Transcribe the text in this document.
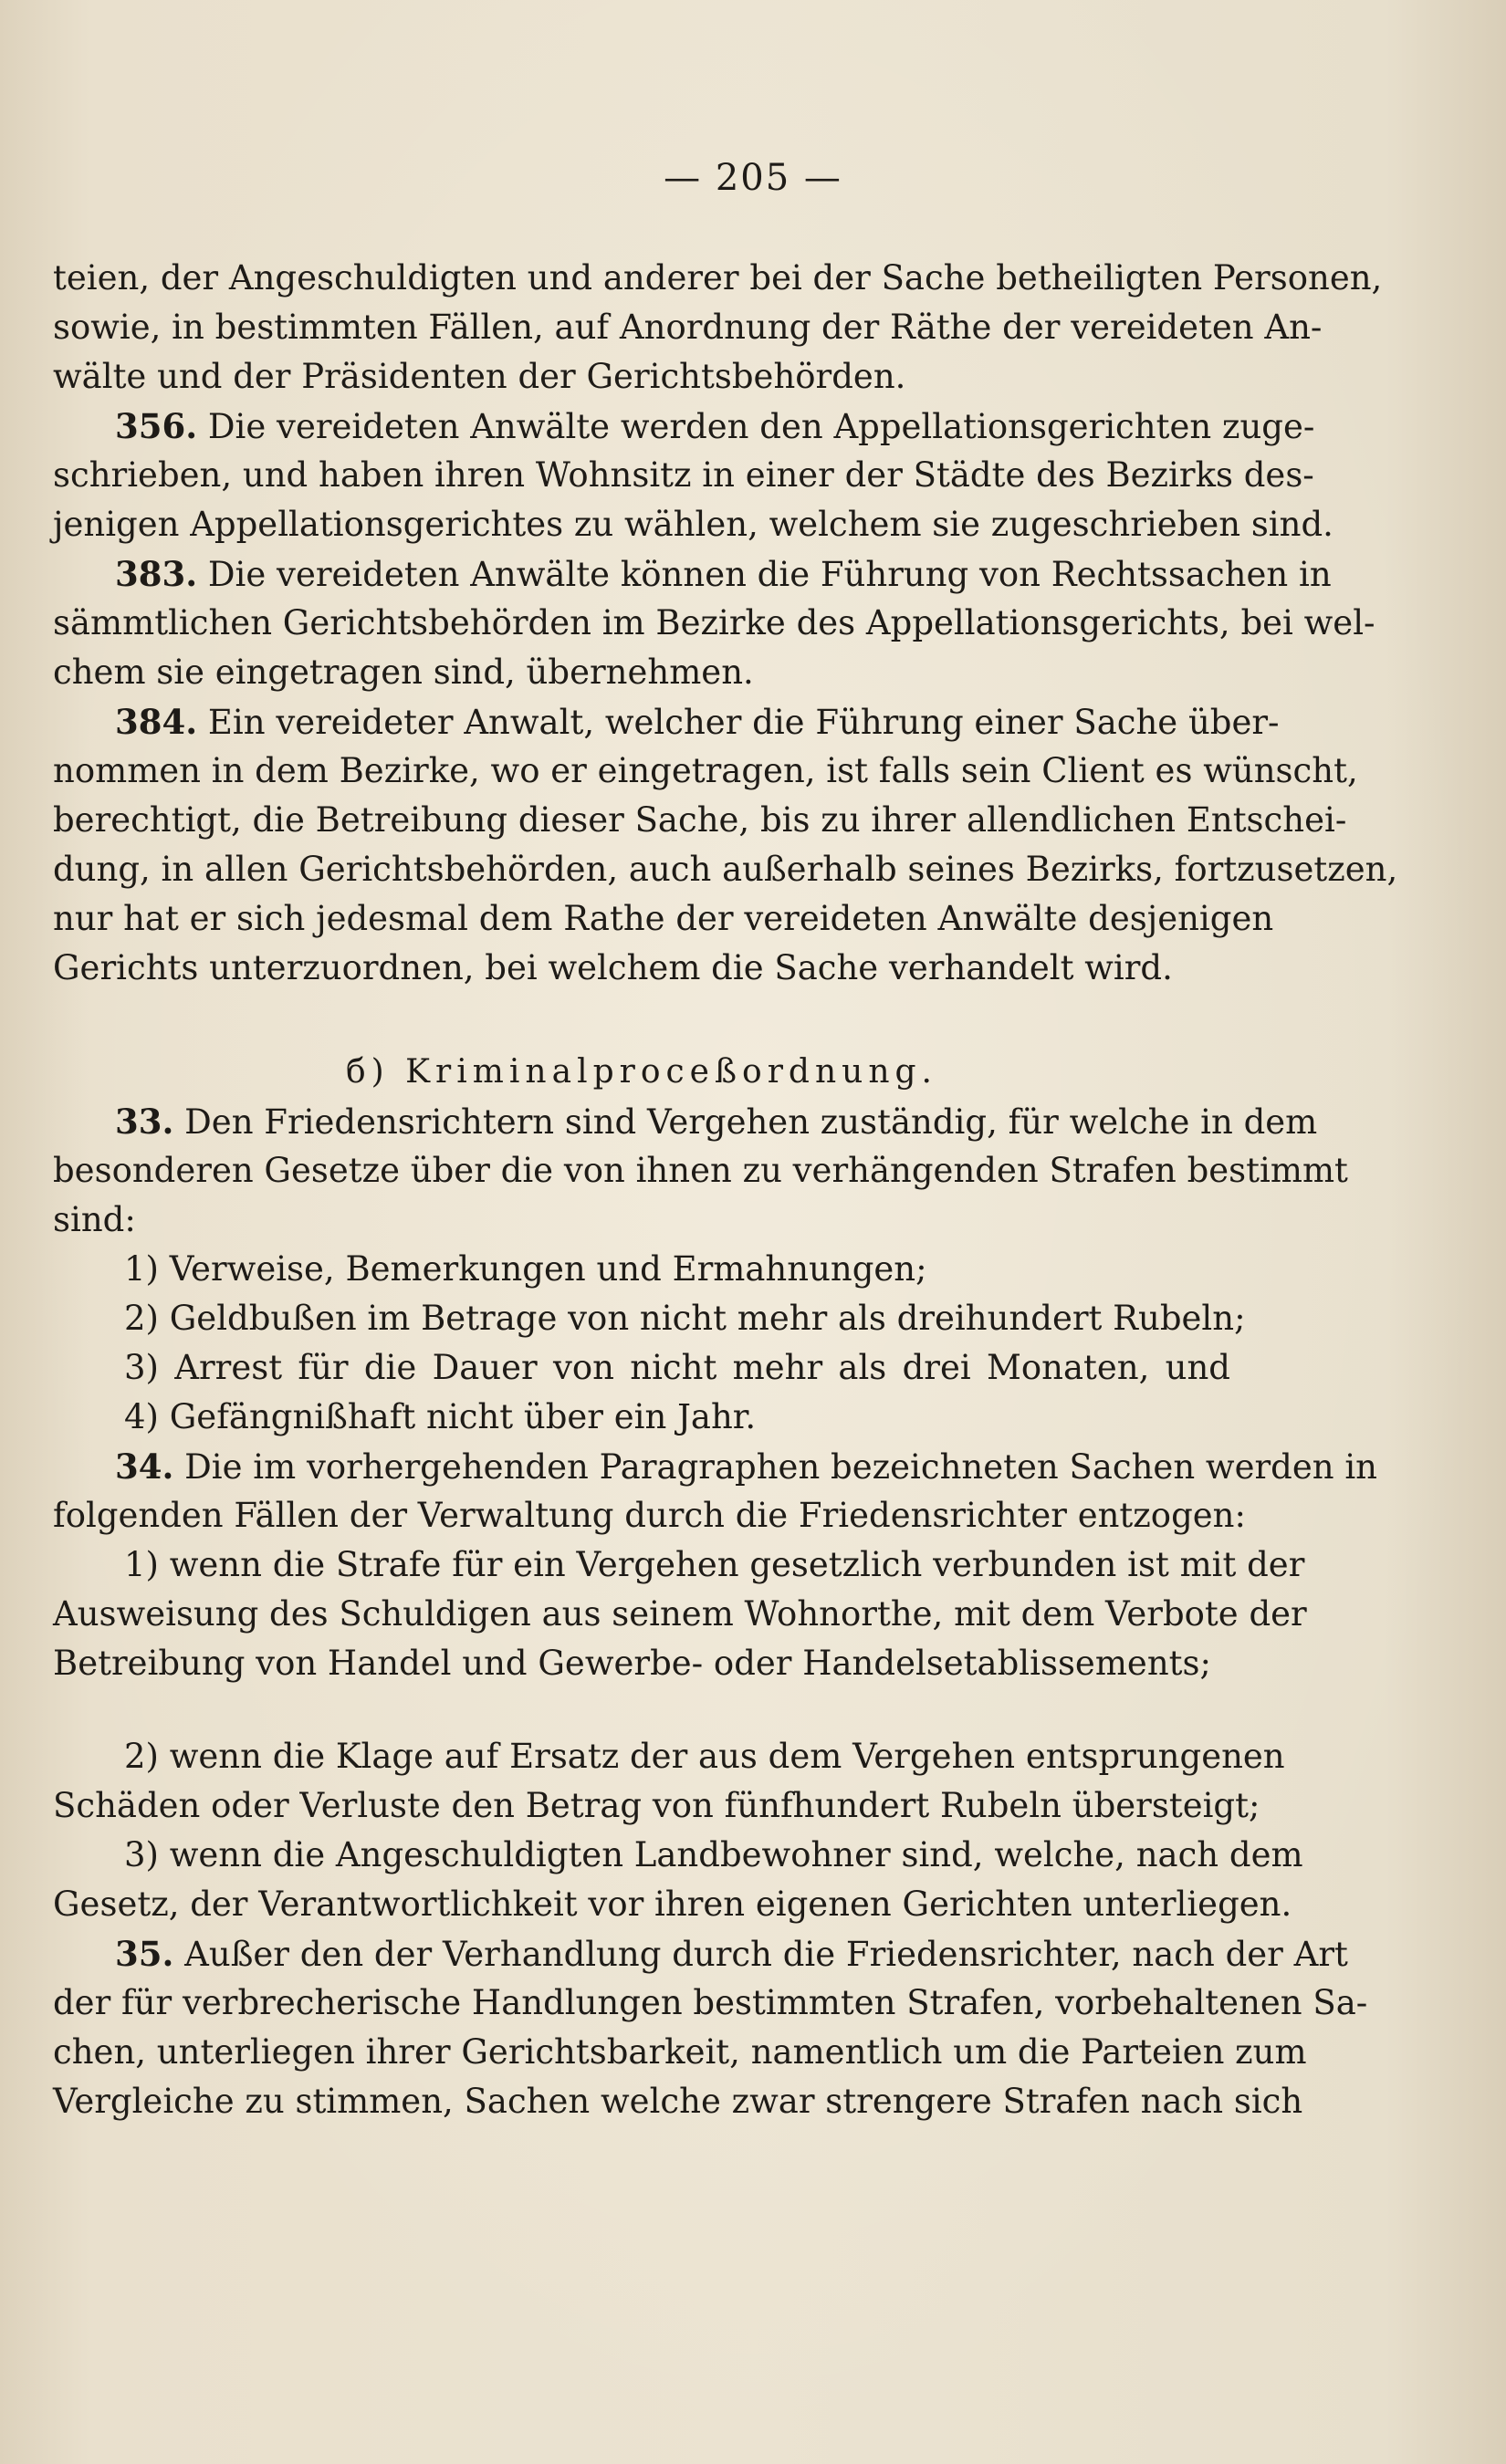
— 205 —
teien, der Angeschuldigten und anderer bei der Sache betheiligten Personen,
sowie, in bestimmten Fällen, auf Anordnung der Räthe der vereideten An-
wälte und der Präsidenten der Gerichtsbehörden.
356. Die vereideten Anwälte werden den Appellationsgerichten zuge-
schrieben, und haben ihren Wohnsitz in einer der Städte des Bezirks des-
jenigen Appellationsgerichtes zu wählen, welchem sie zugeschrieben sind.
383. Die vereideten Anwälte können die Führung von Rechtssachen in
sämmtlichen Gerichtsbehörden im Bezirke des Appellationsgerichts, bei wel-
chem sie eingetragen sind, übernehmen.
384. Ein vereideter Anwalt, welcher die Führung einer Sache über-
nommen in dem Bezirke, wo er eingetragen, ist falls sein Client es wünscht,
berechtigt, die Betreibung dieser Sache, bis zu ihrer allendlichen Entschei-
dung, in allen Gerichtsbehörden, auch außerhalb seines Bezirks, fortzusetzen,
nur hat er sich jedesmal dem Rathe der vereideten Anwälte desjenigen
Gerichts unterzuordnen, bei welchem die Sache verhandelt wird.
б) Kriminalproceßordnung.
33. Den Friedensrichtern sind Vergehen zuständig, für welche in dem
besonderen Gesetze über die von ihnen zu verhängenden Strafen bestimmt
sind:
1) Verweise, Bemerkungen und Ermahnungen;
2) Geldbußen im Betrage von nicht mehr als dreihundert Rubeln;
3) Arrest für die Dauer von nicht mehr als drei Monaten, und
4) Gefängnißhaft nicht über ein Jahr.
34. Die im vorhergehenden Paragraphen bezeichneten Sachen werden in
folgenden Fällen der Verwaltung durch die Friedensrichter entzogen:
1) wenn die Strafe für ein Vergehen gesetzlich verbunden ist mit der
Ausweisung des Schuldigen aus seinem Wohnorthe, mit dem Verbote der
Betreibung von Handel und Gewerbe- oder Handelsetablissements;
2) wenn die Klage auf Ersatz der aus dem Vergehen entsprungenen
Schäden oder Verluste den Betrag von fünfhundert Rubeln übersteigt;
3) wenn die Angeschuldigten Landbewohner sind, welche, nach dem
Gesetz, der Verantwortlichkeit vor ihren eigenen Gerichten unterliegen.
35. Außer den der Verhandlung durch die Friedensrichter, nach der Art
der für verbrecherische Handlungen bestimmten Strafen, vorbehaltenen Sa-
chen, unterliegen ihrer Gerichtsbarkeit, namentlich um die Parteien zum
Vergleiche zu stimmen, Sachen welche zwar strengere Strafen nach sich
